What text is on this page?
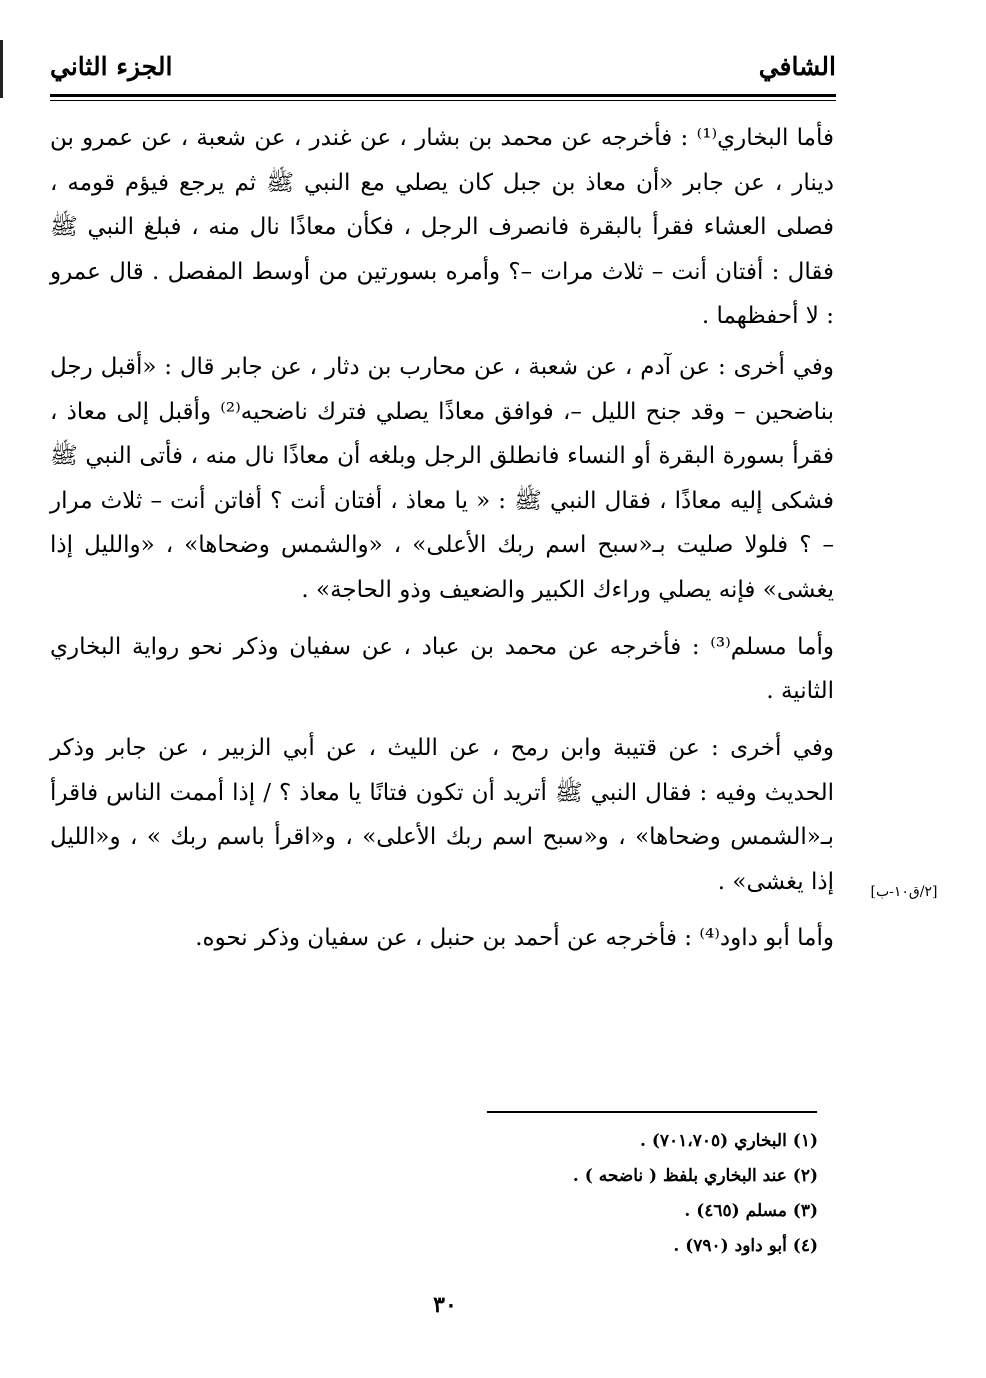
الشافي
الجزء الثاني

فأما البخاري⁽¹⁾ : فأخرجه عن محمد بن بشار ، عن غندر ، عن شعبة ، عن عمرو بن دينار ، عن جابر «أن معاذ بن جبل كان يصلي مع النبي ﷺ ثم يرجع فيؤم قومه ، فصلى العشاء فقرأ بالبقرة فانصرف الرجل ، فكأن معاذًا نال منه ، فبلغ النبي ﷺ فقال : أفتان أنت – ثلاث مرات –؟ وأمره بسورتين من أوسط المفصل . قال عمرو : لا أحفظهما .

وفي أخرى : عن آدم ، عن شعبة ، عن محارب بن دثار ، عن جابر قال : «أقبل رجل بناضحين – وقد جنح الليل –، فوافق معاذًا يصلي فترك ناضحيه⁽²⁾ وأقبل إلى معاذ ، فقرأ بسورة البقرة أو النساء فانطلق الرجل وبلغه أن معاذًا نال منه ، فأتى النبي ﷺ فشكى إليه معاذًا ، فقال النبي ﷺ : « يا معاذ ، أفتان أنت ؟ أفاتن أنت – ثلاث مرار – ؟ فلولا صليت بـ«سبح اسم ربك الأعلى» ، «والشمس وضحاها» ، «والليل إذا يغشى» فإنه يصلي وراءك الكبير والضعيف وذو الحاجة» .

وأما مسلم⁽³⁾ : فأخرجه عن محمد بن عباد ، عن سفيان وذكر نحو رواية البخاري الثانية .

وفي أخرى : عن قتيبة وابن رمح ، عن الليث ، عن أبي الزبير ، عن جابر وذكر الحديث وفيه : فقال النبي ﷺ أتريد أن تكون فتانًا يا معاذ ؟ / إذا أممت الناس فاقرأ بـ«الشمس وضحاها» ، و«سبح اسم ربك الأعلى» ، و«اقرأ باسم ربك » ، و«الليل إذا يغشى» .

وأما أبو داود⁽⁴⁾ : فأخرجه عن أحمد بن حنبل ، عن سفيان وذكر نحوه.

[٢/ق١٠-ب]
(١) البخاري (٧٠١،٧٠٥) .
(٢) عند البخاري بلفظ ( ناضحه ) .
(٣) مسلم (٤٦٥) .
(٤) أبو داود (٧٩٠) .
٣٠
